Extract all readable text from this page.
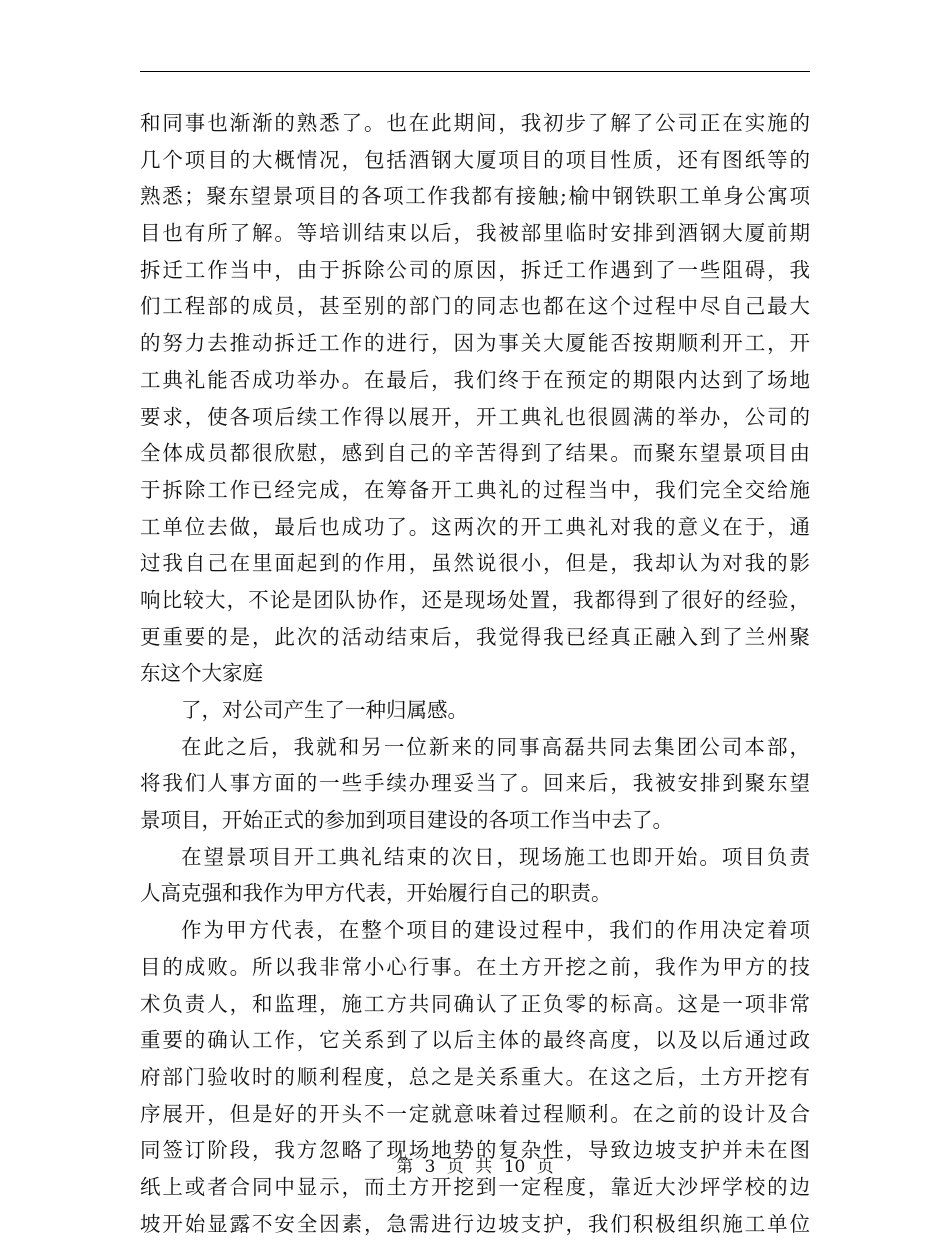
和同事也渐渐的熟悉了。也在此期间，我初步了解了公司正在实施的
几个项目的大概情况，包括酒钢大厦项目的项目性质，还有图纸等的
熟悉；聚东望景项目的各项工作我都有接触;榆中钢铁职工单身公寓项
目也有所了解。等培训结束以后，我被部里临时安排到酒钢大厦前期
拆迁工作当中，由于拆除公司的原因，拆迁工作遇到了一些阻碍，我
们工程部的成员，甚至别的部门的同志也都在这个过程中尽自己最大
的努力去推动拆迁工作的进行，因为事关大厦能否按期顺利开工，开
工典礼能否成功举办。在最后，我们终于在预定的期限内达到了场地
要求，使各项后续工作得以展开，开工典礼也很圆满的举办，公司的
全体成员都很欣慰，感到自己的辛苦得到了结果。而聚东望景项目由
于拆除工作已经完成，在筹备开工典礼的过程当中，我们完全交给施
工单位去做，最后也成功了。这两次的开工典礼对我的意义在于，通
过我自己在里面起到的作用，虽然说很小，但是，我却认为对我的影
响比较大，不论是团队协作，还是现场处置，我都得到了很好的经验，
更重要的是，此次的活动结束后，我觉得我已经真正融入到了兰州聚
东这个大家庭
了，对公司产生了一种归属感。
在此之后，我就和另一位新来的同事高磊共同去集团公司本部，
将我们人事方面的一些手续办理妥当了。回来后，我被安排到聚东望
景项目，开始正式的参加到项目建设的各项工作当中去了。
在望景项目开工典礼结束的次日，现场施工也即开始。项目负责
人高克强和我作为甲方代表，开始履行自己的职责。
作为甲方代表，在整个项目的建设过程中，我们的作用决定着项
目的成败。所以我非常小心行事。在土方开挖之前，我作为甲方的技
术负责人，和监理，施工方共同确认了正负零的标高。这是一项非常
重要的确认工作，它关系到了以后主体的最终高度，以及以后通过政
府部门验收时的顺利程度，总之是关系重大。在这之后，土方开挖有
序展开，但是好的开头不一定就意味着过程顺利。在之前的设计及合
同签订阶段，我方忽略了现场地势的复杂性，导致边坡支护并未在图
纸上或者合同中显示，而土方开挖到一定程度，靠近大沙坪学校的边
坡开始显露不安全因素，急需进行边坡支护，我们积极组织施工单位
第 3 页 共 10 页
